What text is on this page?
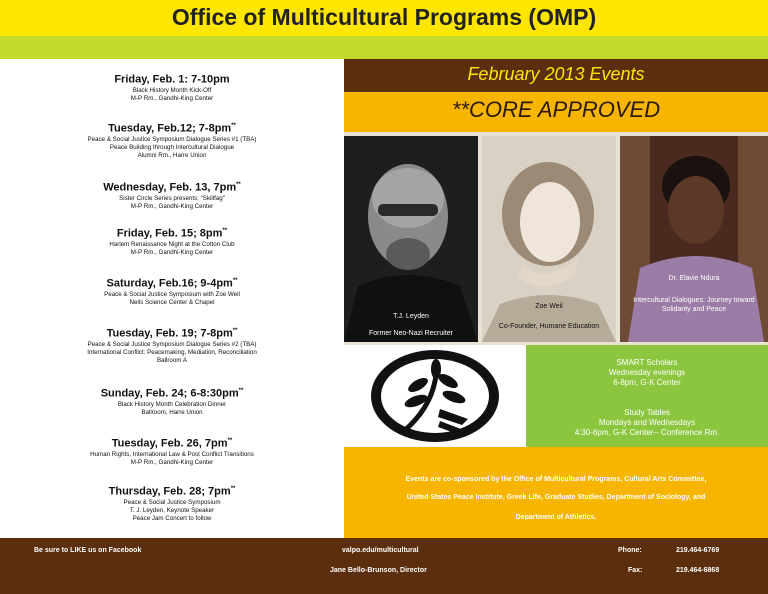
Office of Multicultural Programs (OMP)
Friday, Feb. 1: 7-10pm
Black History Month Kick-Off
M-P Rm., Gandhi-King Center
Tuesday, Feb.12; 7-8pm**
Peace & Social Justice Symposium Dialogue Series #1 (TBA)
Peace Building through Intercultural Dialogue
Alumni Rm., Harre Union
Wednesday, Feb. 13, 7pm**
Sister Circle Series presents: "Skillfag"
M-P Rm., Gandhi-King Center
Friday, Feb. 15; 8pm**
Harlem Renaissance Night at the Cotton Club
M-P Rm., Gandhi-King Center
Saturday, Feb.16; 9-4pm**
Peace & Social Justice Symposium with Zoe Weil
Neils Science Center & Chapel
Tuesday, Feb. 19; 7-8pm**
Peace & Social Justice Symposium Dialogue Series #2 (TBA)
International Conflict: Peacemaking, Mediation, Reconciliation
Ballroom A
Sunday, Feb. 24; 6-8:30pm**
Black History Month Celebration Dinner
Ballroom, Harre Union
Tuesday, Feb. 26, 7pm**
Human Rights, International Law & Post Conflict Transitions
M-P Rm., Gandhi-King Center
Thursday, Feb. 28; 7pm**
Peace & Social Justice Symposium
T. J. Leyden, Keynote Speaker
Peace Jam Concert to follow
February 2013 Events
**CORE APPROVED
T.J. Leyden
Former Neo-Nazi Recruiter
Zoe Weil
Co-Founder, Humane Education
Dr. Elavie Ndura
Intercultural Dialogues: Journey toward Solidarity and Peace
SMART Scholars
Wednesday evenings
6-8pm, G-K Center
Study Tables
Mondays and Wednesdays
4:30-6pm, G-K Center-- Conference Rm.
Events are co-sponsored by the Office of Multicultural Programs, Cultural Arts Committee,
United States Peace Institute, Greek Life, Graduate Studies, Department of Sociology, and
Department of Athletics.
Be sure to LIKE us on Facebook	valpo.edu/multicultural
Jane Bello-Brunson, Director
Phone:	219.464-6769
Fax:	219.464-6868
